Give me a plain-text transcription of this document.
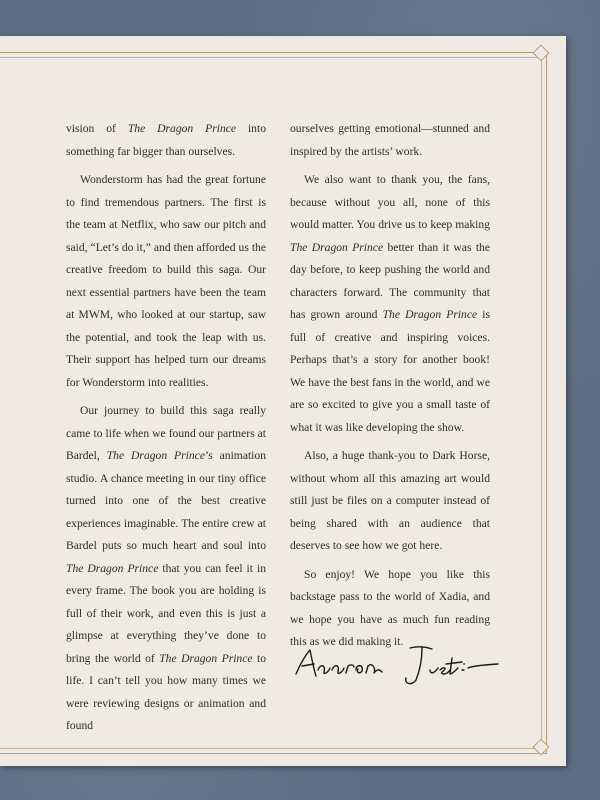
vision of The Dragon Prince into something far bigger than ourselves.

Wonderstorm has had the great fortune to find tremendous partners. The first is the team at Netflix, who saw our pitch and said, “Let’s do it,” and then afforded us the creative freedom to build this saga. Our next essential partners have been the team at MWM, who looked at our startup, saw the potential, and took the leap with us. Their support has helped turn our dreams for Wonderstorm into realities.

Our journey to build this saga really came to life when we found our partners at Bardel, The Dragon Prince’s animation studio. A chance meeting in our tiny office turned into one of the best creative experiences imaginable. The entire crew at Bardel puts so much heart and soul into The Dragon Prince that you can feel it in every frame. The book you are holding is full of their work, and even this is just a glimpse at everything they’ve done to bring the world of The Dragon Prince to life. I can’t tell you how many times we were reviewing designs or animation and found

ourselves getting emotional—stunned and inspired by the artists’ work.

We also want to thank you, the fans, because without you all, none of this would matter. You drive us to keep making The Dragon Prince better than it was the day before, to keep pushing the world and characters forward. The community that has grown around The Dragon Prince is full of creative and inspiring voices. Perhaps that’s a story for another book! We have the best fans in the world, and we are so excited to give you a small taste of what it was like developing the show.

Also, a huge thank-you to Dark Horse, without whom all this amazing art would still just be files on a computer instead of being shared with an audience that deserves to see how we got here.

So enjoy! We hope you like this backstage pass to the world of Xadia, and we hope you have as much fun reading this as we did making it.
